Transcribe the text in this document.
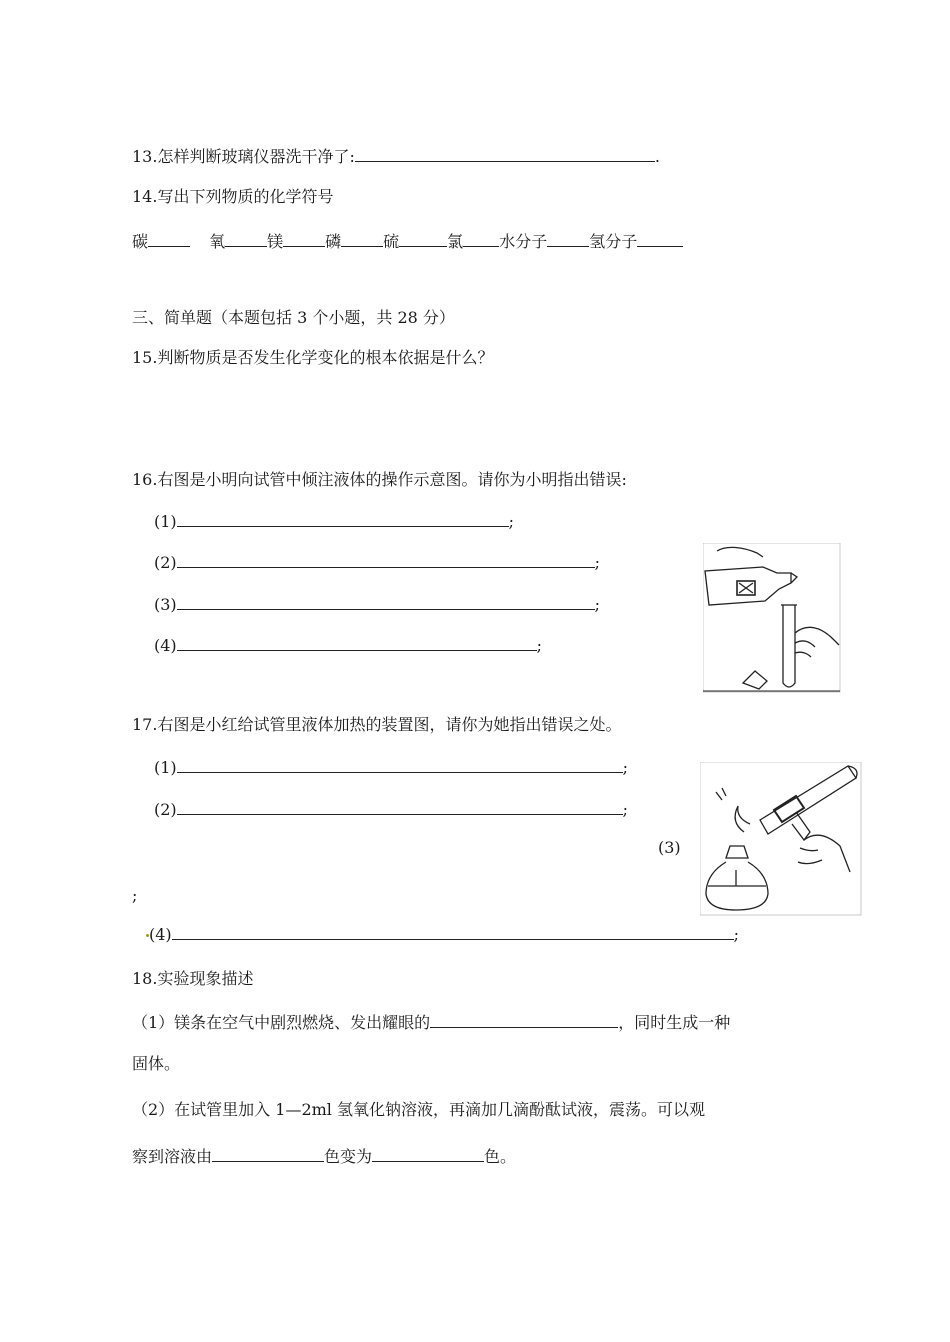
13.怎样判断玻璃仪器洗干净了:	.
14.写出下列物质的化学符号
碳	氧	镁	磷	硫	氯 水分子	氢分子
三、简单题（本题包括 3 个小题，共 28 分）
15.判断物质是否发生化学变化的根本依据是什么？
16.右图是小明向试管中倾注液体的操作示意图。请你为小明指出错误:
(1)	;
(2)	;
(3)	;
(4)	;
17.右图是小红给试管里液体加热的装置图，请你为她指出错误之处。
(1)	;
(2)	;
(3)
;
(4)	;
18.实验现象描述
（1）镁条在空气中剧烈燃烧、发出耀眼的	，同时生成一种
固体。
（2）在试管里加入 1—2ml 氢氧化钠溶液，再滴加几滴酚酞试液，震荡。可以观
察到溶液由	色变为	色。
